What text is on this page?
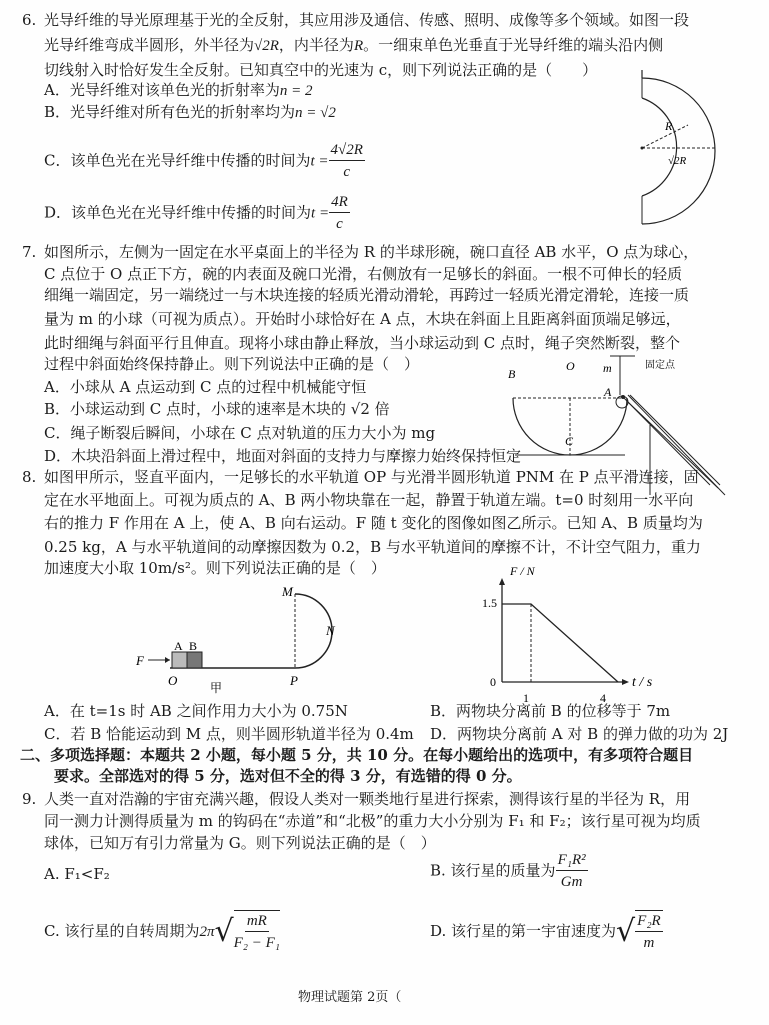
6. 光导纤维的导光原理基于光的全反射，其应用涉及通信、传感、照明、成像等多个领域。如图一段
光导纤维弯成半圆形，外半径为√2R，内半径为R。一细束单色光垂直于光导纤维的端头沿内侧
切线射入时恰好发生全反射。已知真空中的光速为 c，则下列说法正确的是（　　）
A．光导纤维对该单色光的折射率为n = 2
B．光导纤维对所有色光的折射率均为n = √2
C．该单色光在光导纤维中传播的时间为$t = \frac{4√2R}{c}$
D．该单色光在光导纤维中传播的时间为$t = \frac{4R}{c}$
R
√2R
7. 如图所示，左侧为一固定在水平桌面上的半径为 R 的半球形碗，碗口直径 AB 水平，O 点为球心，
C 点位于 O 点正下方，碗的内表面及碗口光滑，右侧放有一足够长的斜面。一根不可伸长的轻质
细绳一端固定，另一端绕过一与木块连接的轻质光滑动滑轮，再跨过一轻质光滑定滑轮，连接一质
量为 m 的小球（可视为质点）。开始时小球恰好在 A 点，木块在斜面上且距离斜面顶端足够远，
此时细绳与斜面平行且伸直。现将小球由静止释放，当小球运动到 C 点时，绳子突然断裂，整个
过程中斜面始终保持静止。则下列说法中正确的是（　）
A．小球从 A 点运动到 C 点的过程中机械能守恒
B．小球运动到 C 点时，小球的速率是木块的 √2 倍
C．绳子断裂后瞬间，小球在 C 点对轨道的压力大小为 mg
D．木块沿斜面上滑过程中，地面对斜面的支持力与摩擦力始终保持恒定
B
O m
A
C
固定点
8. 如图甲所示，竖直平面内，一足够长的水平轨道 OP 与光滑半圆形轨道 PNM 在 P 点平滑连接，固
定在水平地面上。可视为质点的 A、B 两小物块靠在一起，静置于轨道左端。t=0 时刻用一水平向
右的推力 F 作用在 A 上，使 A、B 向右运动。F 随 t 变化的图像如图乙所示。已知 A、B 质量均为
0.25 kg，A 与水平轨道间的动摩擦因数为 0.2，B 与水平轨道间的摩擦不计，不计空气阻力，重力
加速度大小取 10m/s²。则下列说法正确的是（　）
M
N
A B
F
O	P
甲
F / N
t / s
1.5
0
1	4
A．在 t=1s 时 AB 之间作用力大小为 0.75N	B．两物块分离前 B 的位移等于 7m
C．若 B 恰能运动到 M 点，则半圆形轨道半径为 0.4m D．两物块分离前 A 对 B 的弹力做的功为 2J
二、多项选择题：本题共 2 小题，每小题 5 分，共 10 分。在每小题给出的选项中，有多项符合题目
要求。全部选对的得 5 分，选对但不全的得 3 分，有选错的得 0 分。
9. 人类一直对浩瀚的宇宙充满兴趣，假设人类对一颗类地行星进行探索，测得该行星的半径为 R，用
同一测力计测得质量为 m 的钩码在“赤道”和“北极”的重力大小分别为 F₁ 和 F₂；该行星可视为均质
球体，已知万有引力常量为 G。则下列说法正确的是（　）
A. F₁<F₂	B. 该行星的质量为 $\frac{\text{F₁R²}}{Gm}$
C. 该行星的自转周期为$2\pi√ \frac{mR}{\text{F₂ − F₁}}$	D. 该行星的第一宇宙速度为√ $\frac{\text{F₂R}}{m}$
物理试题第 2页（
